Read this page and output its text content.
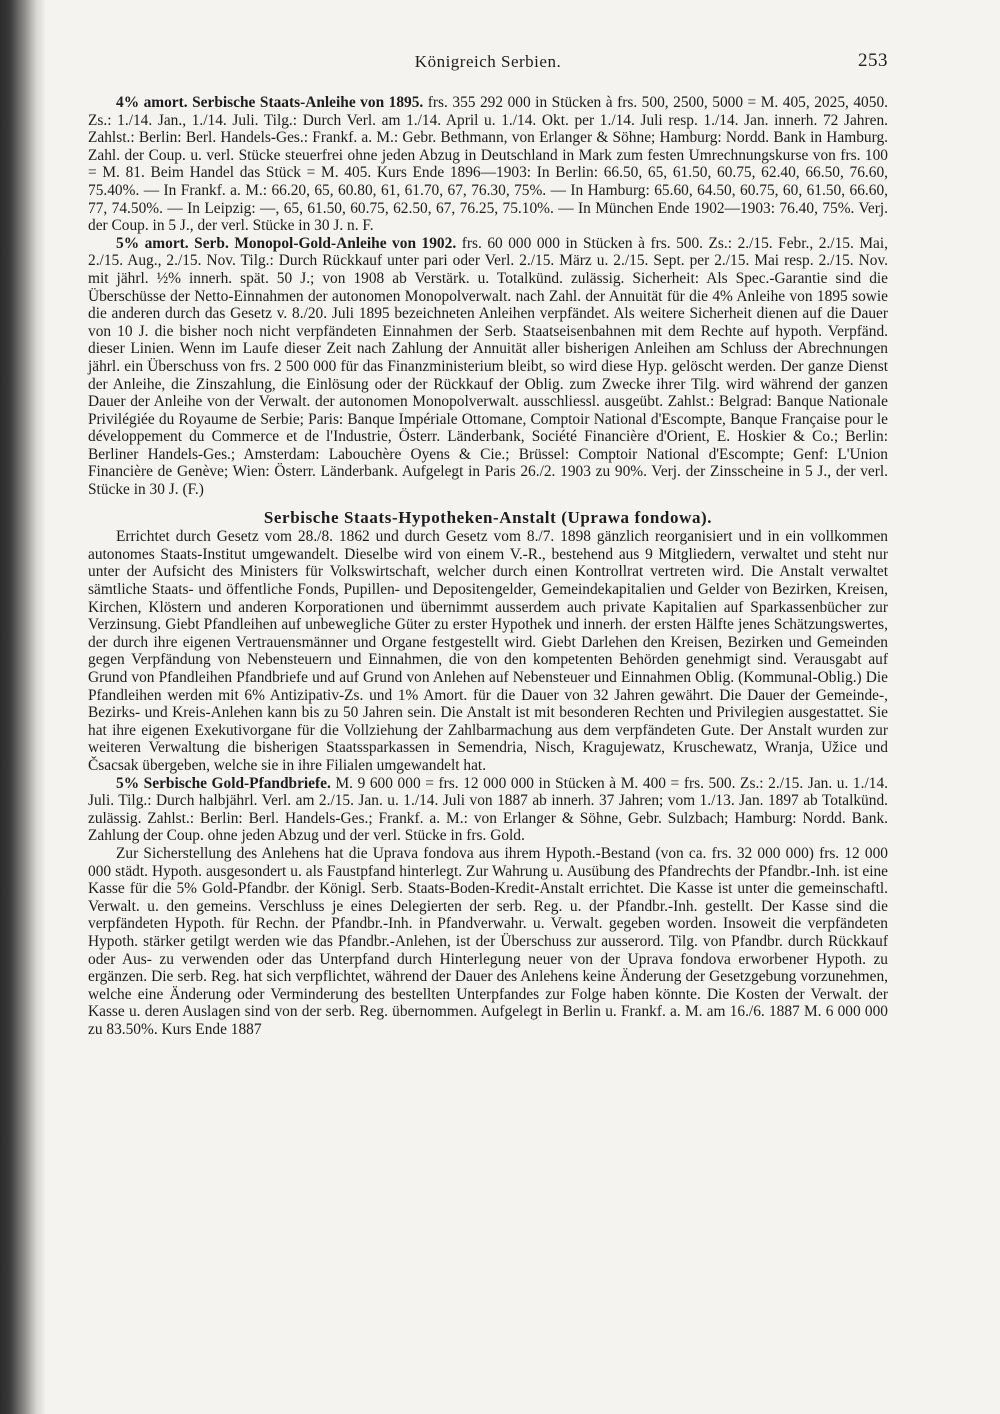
Königreich Serbien.	253

4% amort. Serbische Staats-Anleihe von 1895. frs. 355 292 000 in Stücken à frs. 500, 2500, 5000 = M. 405, 2025, 4050. Zs.: 1./14. Jan., 1./14. Juli. Tilg.: Durch Verl. am 1./14. April u. 1./14. Okt. per 1./14. Juli resp. 1./14. Jan. innerh. 72 Jahren. Zahlst.: Berlin: Berl. Handels-Ges.: Frankf. a. M.: Gebr. Bethmann, von Erlanger & Söhne; Hamburg: Nordd. Bank in Hamburg. Zahl. der Coup. u. verl. Stücke steuerfrei ohne jeden Abzug in Deutschland in Mark zum festen Umrechnungskurse von frs. 100 = M. 81. Beim Handel das Stück = M. 405. Kurs Ende 1896—1903: In Berlin: 66.50, 65, 61.50, 60.75, 62.40, 66.50, 76.60, 75.40%. — In Frankf. a. M.: 66.20, 65, 60.80, 61, 61.70, 67, 76.30, 75%. — In Hamburg: 65.60, 64.50, 60.75, 60, 61.50, 66.60, 77, 74.50%. — In Leipzig: —, 65, 61.50, 60.75, 62.50, 67, 76.25, 75.10%. — In München Ende 1902—1903: 76.40, 75%. Verj. der Coup. in 5 J., der verl. Stücke in 30 J. n. F.

5% amort. Serb. Monopol-Gold-Anleihe von 1902. frs. 60 000 000 in Stücken à frs. 500. Zs.: 2./15. Febr., 2./15. Mai, 2./15. Aug., 2./15. Nov. Tilg.: Durch Rückkauf unter pari oder Verl. 2./15. März u. 2./15. Sept. per 2./15. Mai resp. 2./15. Nov. mit jährl. ½% innerh. spät. 50 J.; von 1908 ab Verstärk. u. Totalkünd. zulässig. Sicherheit: Als Spec.-Garantie sind die Überschüsse der Netto-Einnahmen der autonomen Monopolverwalt. nach Zahl. der Annuität für die 4% Anleihe von 1895 sowie die anderen durch das Gesetz v. 8./20. Juli 1895 bezeichneten Anleihen verpfändet. Als weitere Sicherheit dienen auf die Dauer von 10 J. die bisher noch nicht verpfändeten Einnahmen der Serb. Staatseisenbahnen mit dem Rechte auf hypoth. Verpfänd. dieser Linien. Wenn im Laufe dieser Zeit nach Zahlung der Annuität aller bisherigen Anleihen am Schluss der Abrechnungen jährl. ein Überschuss von frs. 2 500 000 für das Finanzministerium bleibt, so wird diese Hyp. gelöscht werden. Der ganze Dienst der Anleihe, die Zinszahlung, die Einlösung oder der Rückkauf der Oblig. zum Zwecke ihrer Tilg. wird während der ganzen Dauer der Anleihe von der Verwalt. der autonomen Monopolverwalt. ausschliessl. ausgeübt. Zahlst.: Belgrad: Banque Nationale Privilégiée du Royaume de Serbie; Paris: Banque Impériale Ottomane, Comptoir National d'Escompte, Banque Française pour le développement du Commerce et de l'Industrie, Österr. Länderbank, Société Financière d'Orient, E. Hoskier & Co.; Berlin: Berliner Handels-Ges.; Amsterdam: Labouchère Oyens & Cie.; Brüssel: Comptoir National d'Escompte; Genf: L'Union Financière de Genève; Wien: Österr. Länderbank. Aufgelegt in Paris 26./2. 1903 zu 90%. Verj. der Zinsscheine in 5 J., der verl. Stücke in 30 J. (F.)

Serbische Staats-Hypotheken-Anstalt (Uprawa fondowa).

Errichtet durch Gesetz vom 28./8. 1862 und durch Gesetz vom 8./7. 1898 gänzlich reorganisiert und in ein vollkommen autonomes Staats-Institut umgewandelt. Dieselbe wird von einem V.-R., bestehend aus 9 Mitgliedern, verwaltet und steht nur unter der Aufsicht des Ministers für Volkswirtschaft, welcher durch einen Kontrollrat vertreten wird. Die Anstalt verwaltet sämtliche Staats- und öffentliche Fonds, Pupillen- und Depositengelder, Gemeindekapitalien und Gelder von Bezirken, Kreisen, Kirchen, Klöstern und anderen Korporationen und übernimmt ausserdem auch private Kapitalien auf Sparkassenbücher zur Verzinsung. Giebt Pfandleihen auf unbewegliche Güter zu erster Hypothek und innerh. der ersten Hälfte jenes Schätzungswertes, der durch ihre eigenen Vertrauensmänner und Organe festgestellt wird. Giebt Darlehen den Kreisen, Bezirken und Gemeinden gegen Verpfändung von Nebensteuern und Einnahmen, die von den kompetenten Behörden genehmigt sind. Verausgabt auf Grund von Pfandleihen Pfandbriefe und auf Grund von Anlehen auf Nebensteuer und Einnahmen Oblig. (Kommunal-Oblig.) Die Pfandleihen werden mit 6% Antizipativ-Zs. und 1% Amort. für die Dauer von 32 Jahren gewährt. Die Dauer der Gemeinde-, Bezirks- und Kreis-Anlehen kann bis zu 50 Jahren sein. Die Anstalt ist mit besonderen Rechten und Privilegien ausgestattet. Sie hat ihre eigenen Exekutivorgane für die Vollziehung der Zahlbarmachung aus dem verpfändeten Gute. Der Anstalt wurden zur weiteren Verwaltung die bisherigen Staatssparkassen in Semendria, Nisch, Kragujewatz, Kruschewatz, Wranja, Užice und Čsacsak übergeben, welche sie in ihre Filialen umgewandelt hat.

5% Serbische Gold-Pfandbriefe. M. 9 600 000 = frs. 12 000 000 in Stücken à M. 400 = frs. 500. Zs.: 2./15. Jan. u. 1./14. Juli. Tilg.: Durch halbjährl. Verl. am 2./15. Jan. u. 1./14. Juli von 1887 ab innerh. 37 Jahren; vom 1./13. Jan. 1897 ab Totalkünd. zulässig. Zahlst.: Berlin: Berl. Handels-Ges.; Frankf. a. M.: von Erlanger & Söhne, Gebr. Sulzbach; Hamburg: Nordd. Bank. Zahlung der Coup. ohne jeden Abzug und der verl. Stücke in frs. Gold.

Zur Sicherstellung des Anlehens hat die Uprava fondova aus ihrem Hypoth.-Bestand (von ca. frs. 32 000 000) frs. 12 000 000 städt. Hypoth. ausgesondert u. als Faustpfand hinterlegt. Zur Wahrung u. Ausübung des Pfandrechts der Pfandbr.-Inh. ist eine Kasse für die 5% Gold-Pfandbr. der Königl. Serb. Staats-Boden-Kredit-Anstalt errichtet. Die Kasse ist unter die gemeinschaftl. Verwalt. u. den gemeins. Verschluss je eines Delegierten der serb. Reg. u. der Pfandbr.-Inh. gestellt. Der Kasse sind die verpfändeten Hypoth. für Rechn. der Pfandbr.-Inh. in Pfandverwahr. u. Verwalt. gegeben worden. Insoweit die verpfändeten Hypoth. stärker getilgt werden wie das Pfandbr.-Anlehen, ist der Überschuss zur ausserord. Tilg. von Pfandbr. durch Rückkauf oder Aus- zu verwenden oder das Unterpfand durch Hinterlegung neuer von der Uprava fondova erworbener Hypoth. zu ergänzen. Die serb. Reg. hat sich verpflichtet, während der Dauer des Anlehens keine Änderung der Gesetzgebung vorzunehmen, welche eine Änderung oder Verminderung des bestellten Unterpfandes zur Folge haben könnte. Die Kosten der Verwalt. der Kasse u. deren Auslagen sind von der serb. Reg. übernommen. Aufgelegt in Berlin u. Frankf. a. M. am 16./6. 1887 M. 6 000 000 zu 83.50%. Kurs Ende 1887
